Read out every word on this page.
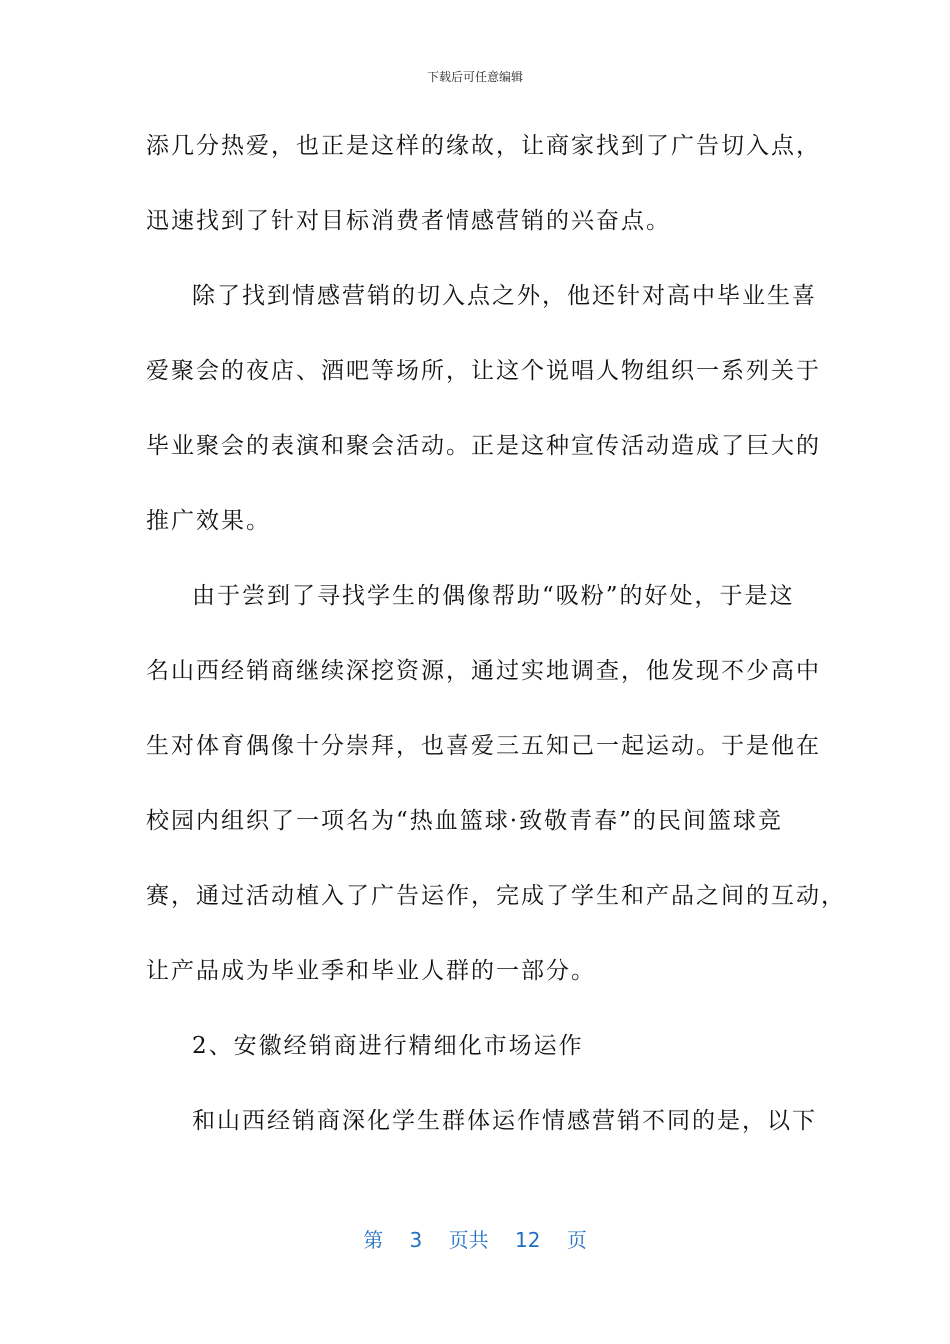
下载后可任意编辑
添几分热爱，也正是这样的缘故，让商家找到了广告切入点，
迅速找到了针对目标消费者情感营销的兴奋点。
除了找到情感营销的切入点之外，他还针对高中毕业生喜
爱聚会的夜店、酒吧等场所，让这个说唱人物组织一系列关于
毕业聚会的表演和聚会活动。正是这种宣传活动造成了巨大的
推广效果。
由于尝到了寻找学生的偶像帮助“吸粉”的好处，于是这
名山西经销商继续深挖资源，通过实地调查，他发现不少高中
生对体育偶像十分崇拜，也喜爱三五知己一起运动。于是他在
校园内组织了一项名为“热血篮球·致敬青春”的民间篮球竞
赛，通过活动植入了广告运作，完成了学生和产品之间的互动，
让产品成为毕业季和毕业人群的一部分。
2、安徽经销商进行精细化市场运作
和山西经销商深化学生群体运作情感营销不同的是，以下
第 3 页共 12 页
